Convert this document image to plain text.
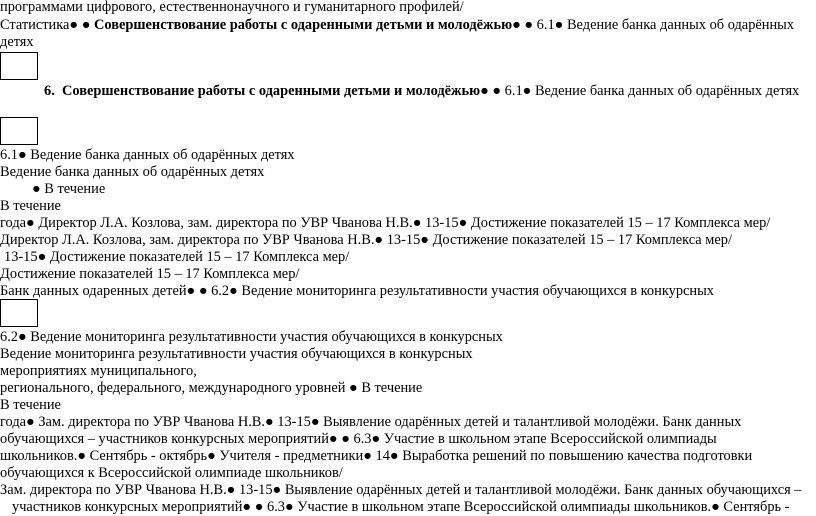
программами цифрового, естественнонаучного и гуманитарного профилей/
Статистика● ● Совершенствование работы с одаренными детьми и молодёжью● ● 6.1● Ведение банка данных об одарённых
детях
6. Совершенствование работы с одаренными детьми и молодёжью● ● 6.1● Ведение банка данных об одарённых детях
6.1● Ведение банка данных об одарённых детях
Ведение банка данных об одарённых детях
● В течение
В течение
года● Директор Л.А. Козлова, зам. директора по УВР Чванова Н.В.● 13-15● Достижение показателей 15 – 17 Комплекса мер/
Директор Л.А. Козлова, зам. директора по УВР Чванова Н.В.● 13-15● Достижение показателей 15 – 17 Комплекса мер/
13-15● Достижение показателей 15 – 17 Комплекса мер/
Достижение показателей 15 – 17 Комплекса мер/
Банк данных одаренных детей● ● 6.2● Ведение мониторинга результативности участия обучающихся в конкурсных
6.2● Ведение мониторинга результативности участия обучающихся в конкурсных
Ведение мониторинга результативности участия обучающихся в конкурсных
мероприятиях муниципального,
регионального, федерального, международного уровней ● В течение
В течение
года● Зам. директора по УВР Чванова Н.В.● 13-15● Выявление одарённых детей и талантливой молодёжи. Банк данных
обучающихся – участников конкурсных мероприятий● ● 6.3● Участие в школьном этапе Всероссийской олимпиады
школьников.● Сентябрь - октябрь● Учителя - предметники● 14● Выработка решений по повышению качества подготовки
обучающихся к Всероссийской олимпиаде школьников/
Зам. директора по УВР Чванова Н.В.● 13-15● Выявление одарённых детей и талантливой молодёжи. Банк данных обучающихся –
участников конкурсных мероприятий● ● 6.3● Участие в школьном этапе Всероссийской олимпиады школьников.● Сентябрь -
